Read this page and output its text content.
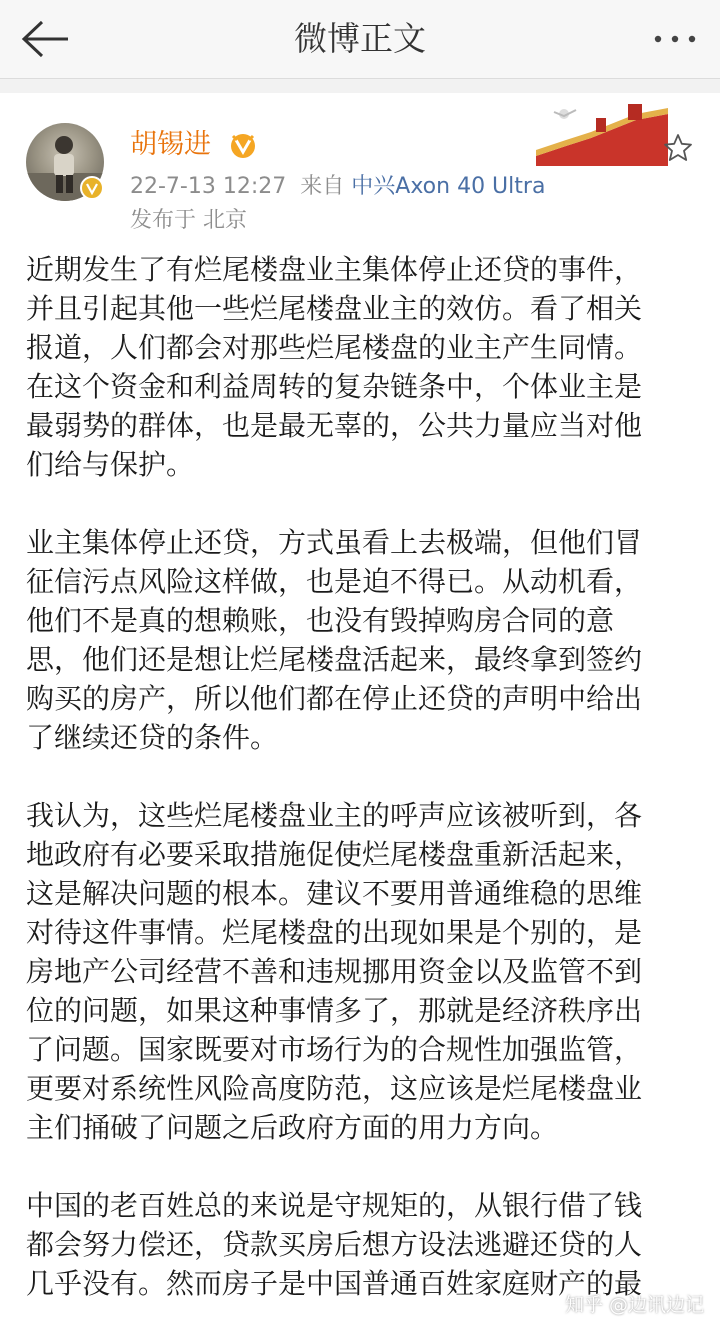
微博正文
胡锡进
22-7-13 12:27 来自 中兴Axon 40 Ultra
发布于 北京

近期发生了有烂尾楼盘业主集体停止还贷的事件，
并且引起其他一些烂尾楼盘业主的效仿。看了相关
报道，人们都会对那些烂尾楼盘的业主产生同情。
在这个资金和利益周转的复杂链条中，个体业主是
最弱势的群体，也是最无辜的，公共力量应当对他
们给与保护。

业主集体停止还贷，方式虽看上去极端，但他们冒
征信污点风险这样做，也是迫不得已。从动机看，
他们不是真的想赖账，也没有毁掉购房合同的意
思，他们还是想让烂尾楼盘活起来，最终拿到签约
购买的房产，所以他们都在停止还贷的声明中给出
了继续还贷的条件。

我认为，这些烂尾楼盘业主的呼声应该被听到，各
地政府有必要采取措施促使烂尾楼盘重新活起来，
这是解决问题的根本。建议不要用普通维稳的思维
对待这件事情。烂尾楼盘的出现如果是个别的，是
房地产公司经营不善和违规挪用资金以及监管不到
位的问题，如果这种事情多了，那就是经济秩序出
了问题。国家既要对市场行为的合规性加强监管，
更要对系统性风险高度防范，这应该是烂尾楼盘业
主们捅破了问题之后政府方面的用力方向。

中国的老百姓总的来说是守规矩的，从银行借了钱
都会努力偿还，贷款买房后想方设法逃避还贷的人
几乎没有。然而房子是中国普通百姓家庭财产的最

知乎 @边讯边记
